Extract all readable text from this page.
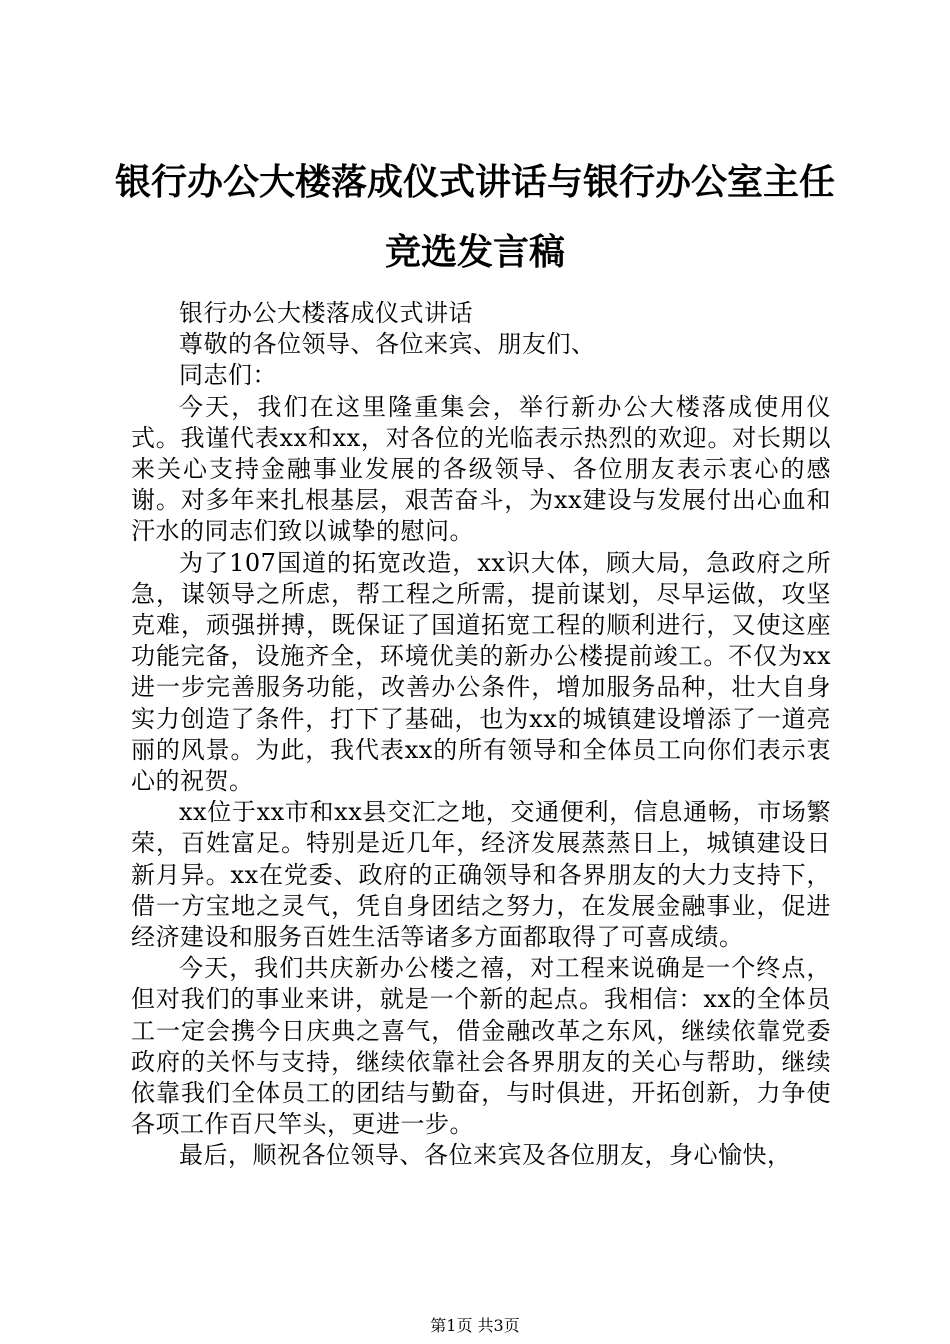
银行办公大楼落成仪式讲话与银行办公室主任
竞选发言稿

银行办公大楼落成仪式讲话

尊敬的各位领导、各位来宾、朋友们、

同志们：

今天，我们在这里隆重集会，举行新办公大楼落成使用仪式。我谨代表xx和xx，对各位的光临表示热烈的欢迎。对长期以来关心支持金融事业发展的各级领导、各位朋友表示衷心的感谢。对多年来扎根基层，艰苦奋斗，为xx建设与发展付出心血和汗水的同志们致以诚挚的慰问。

为了107国道的拓宽改造，xx识大体，顾大局，急政府之所急，谋领导之所虑，帮工程之所需，提前谋划，尽早运做，攻坚克难，顽强拼搏，既保证了国道拓宽工程的顺利进行，又使这座功能完备，设施齐全，环境优美的新办公楼提前竣工。不仅为xx进一步完善服务功能，改善办公条件，增加服务品种，壮大自身实力创造了条件，打下了基础，也为xx的城镇建设增添了一道亮丽的风景。为此，我代表xx的所有领导和全体员工向你们表示衷心的祝贺。

xx位于xx市和xx县交汇之地，交通便利，信息通畅，市场繁荣，百姓富足。特别是近几年，经济发展蒸蒸日上，城镇建设日新月异。xx在党委、政府的正确领导和各界朋友的大力支持下，借一方宝地之灵气，凭自身团结之努力，在发展金融事业，促进经济建设和服务百姓生活等诸多方面都取得了可喜成绩。

今天，我们共庆新办公楼之禧，对工程来说确是一个终点，但对我们的事业来讲，就是一个新的起点。我相信：xx的全体员工一定会携今日庆典之喜气，借金融改革之东风，继续依靠党委政府的关怀与支持，继续依靠社会各界朋友的关心与帮助，继续依靠我们全体员工的团结与勤奋，与时俱进，开拓创新，力争使各项工作百尺竿头，更进一步。

最后，顺祝各位领导、各位来宾及各位朋友，身心愉快，

第1页 共3页
